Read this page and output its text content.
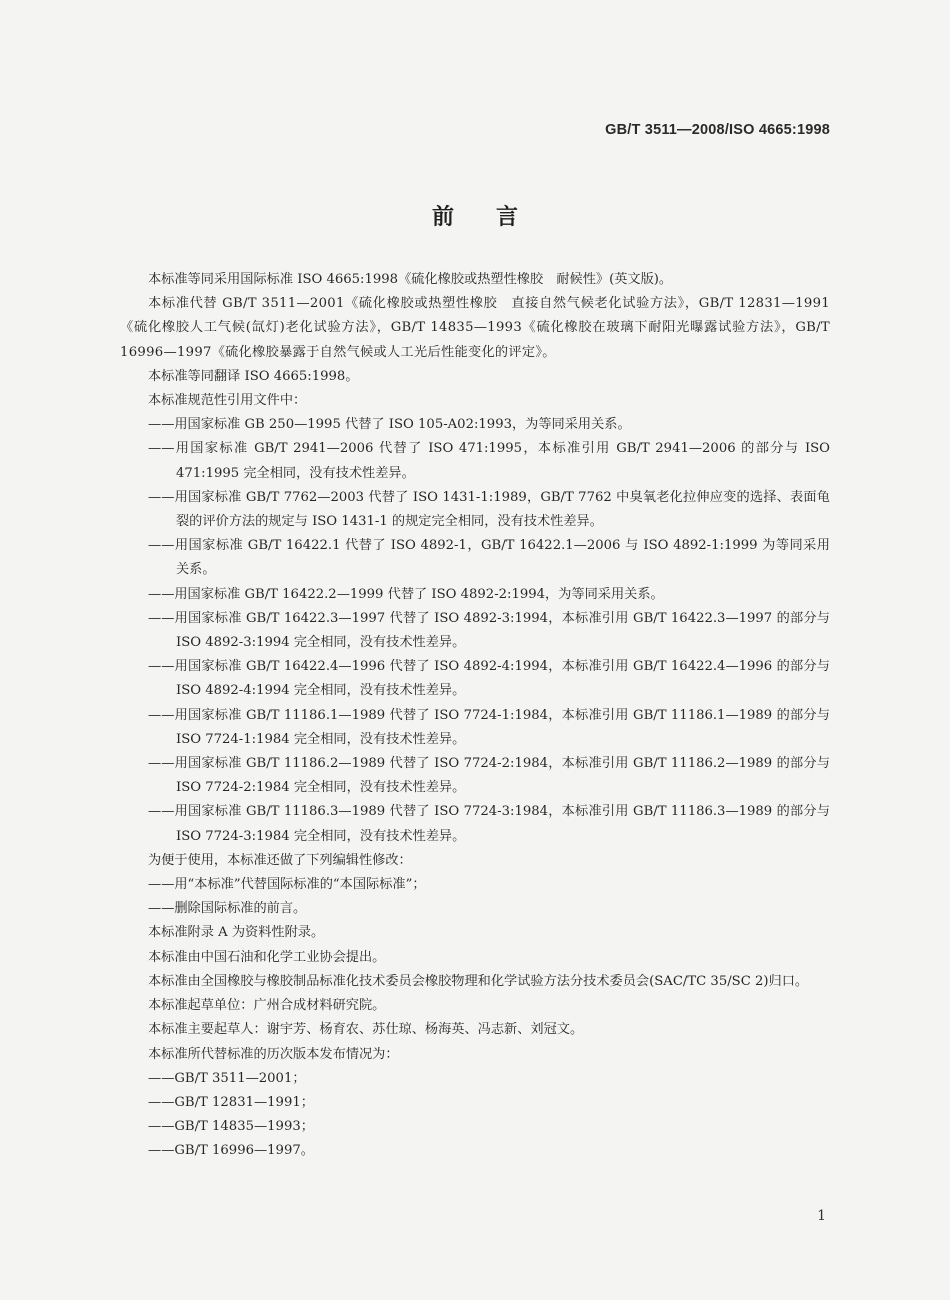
GB/T 3511—2008/ISO 4665:1998
前言

本标准等同采用国际标准 ISO 4665:1998《硫化橡胶或热塑性橡胶　耐候性》(英文版)。

本标准代替 GB/T 3511—2001《硫化橡胶或热塑性橡胶　直接自然气候老化试验方法》，GB/T 12831—1991《硫化橡胶人工气候(氙灯)老化试验方法》，GB/T 14835—1993《硫化橡胶在玻璃下耐阳光曝露试验方法》，GB/T 16996—1997《硫化橡胶暴露于自然气候或人工光后性能变化的评定》。

本标准等同翻译 ISO 4665:1998。

本标准规范性引用文件中：

——用国家标准 GB 250—1995 代替了 ISO 105-A02:1993，为等同采用关系。

——用国家标准 GB/T 2941—2006 代替了 ISO 471:1995，本标准引用 GB/T 2941—2006 的部分与 ISO 471:1995 完全相同，没有技术性差异。

——用国家标准 GB/T 7762—2003 代替了 ISO 1431-1:1989，GB/T 7762 中臭氧老化拉伸应变的选择、表面龟裂的评价方法的规定与 ISO 1431-1 的规定完全相同，没有技术性差异。

——用国家标准 GB/T 16422.1 代替了 ISO 4892-1，GB/T 16422.1—2006 与 ISO 4892-1:1999 为等同采用关系。

——用国家标准 GB/T 16422.2—1999 代替了 ISO 4892-2:1994，为等同采用关系。

——用国家标准 GB/T 16422.3—1997 代替了 ISO 4892-3:1994，本标准引用 GB/T 16422.3—1997 的部分与 ISO 4892-3:1994 完全相同，没有技术性差异。

——用国家标准 GB/T 16422.4—1996 代替了 ISO 4892-4:1994，本标准引用 GB/T 16422.4—1996 的部分与 ISO 4892-4:1994 完全相同，没有技术性差异。

——用国家标准 GB/T 11186.1—1989 代替了 ISO 7724-1:1984，本标准引用 GB/T 11186.1—1989 的部分与 ISO 7724-1:1984 完全相同，没有技术性差异。

——用国家标准 GB/T 11186.2—1989 代替了 ISO 7724-2:1984，本标准引用 GB/T 11186.2—1989 的部分与 ISO 7724-2:1984 完全相同，没有技术性差异。

——用国家标准 GB/T 11186.3—1989 代替了 ISO 7724-3:1984，本标准引用 GB/T 11186.3—1989 的部分与 ISO 7724-3:1984 完全相同，没有技术性差异。

为便于使用，本标准还做了下列编辑性修改：

——用“本标准”代替国际标准的“本国际标准”；

——删除国际标准的前言。

本标准附录 A 为资料性附录。

本标准由中国石油和化学工业协会提出。

本标准由全国橡胶与橡胶制品标准化技术委员会橡胶物理和化学试验方法分技术委员会(SAC/TC 35/SC 2)归口。

本标准起草单位：广州合成材料研究院。

本标准主要起草人：谢宇芳、杨育农、苏仕琼、杨海英、冯志新、刘冠文。

本标准所代替标准的历次版本发布情况为：

——GB/T 3511—2001；

——GB/T 12831—1991；

——GB/T 14835—1993；

——GB/T 16996—1997。

1
